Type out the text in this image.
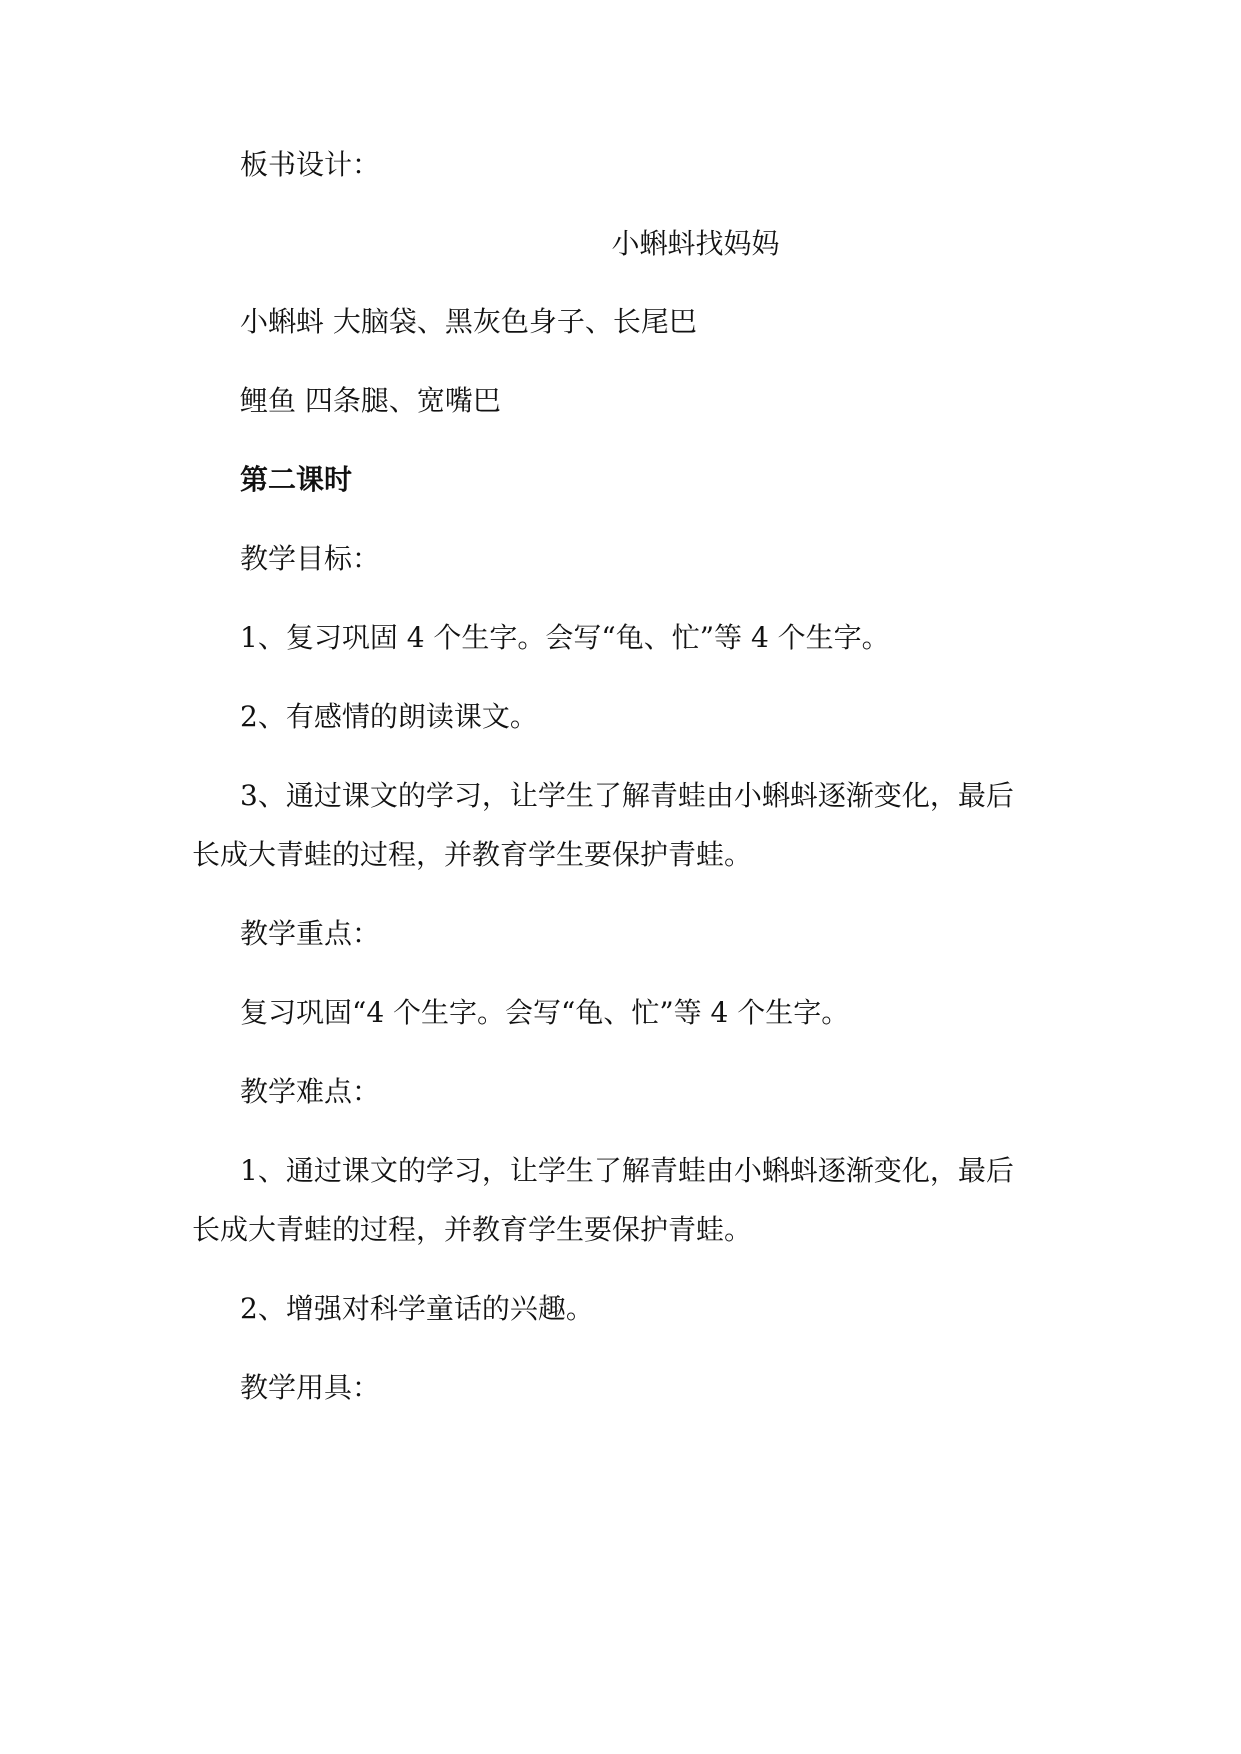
板书设计：

小蝌蚪找妈妈

小蝌蚪 大脑袋、黑灰色身子、长尾巴

鲤鱼 四条腿、宽嘴巴

第二课时

教学目标：

1、复习巩固 4 个生字。会写“龟、忙”等 4 个生字。

2、有感情的朗读课文。

3、通过课文的学习，让学生了解青蛙由小蝌蚪逐渐变化，最后

长成大青蛙的过程，并教育学生要保护青蛙。

教学重点：

复习巩固“4 个生字。会写“龟、忙”等 4 个生字。

教学难点：

1、通过课文的学习，让学生了解青蛙由小蝌蚪逐渐变化，最后

长成大青蛙的过程，并教育学生要保护青蛙。

2、增强对科学童话的兴趣。

教学用具：
